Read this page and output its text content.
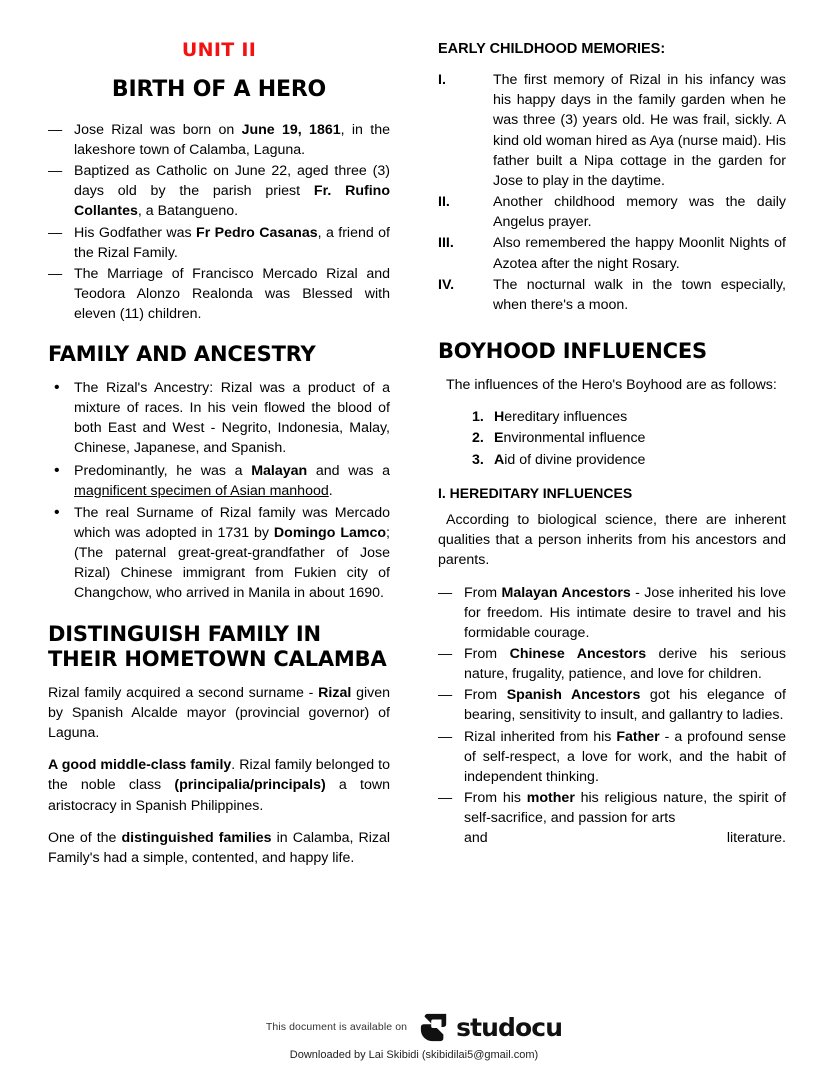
UNIT II
BIRTH OF A HERO
— Jose Rizal was born on June 19, 1861, in the lakeshore town of Calamba, Laguna.
— Baptized as Catholic on June 22, aged three (3) days old by the parish priest Fr. Rufino Collantes, a Batangueno.
— His Godfather was Fr Pedro Casanas, a friend of the Rizal Family.
— The Marriage of Francisco Mercado Rizal and Teodora Alonzo Realonda was Blessed with eleven (11) children.
FAMILY AND ANCESTRY
• The Rizal's Ancestry: Rizal was a product of a mixture of races. In his vein flowed the blood of both East and West - Negrito, Indonesia, Malay, Chinese, Japanese, and Spanish.
• Predominantly, he was a Malayan and was a magnificent specimen of Asian manhood.
• The real Surname of Rizal family was Mercado which was adopted in 1731 by Domingo Lamco; (The paternal great-great-grandfather of Jose Rizal) Chinese immigrant from Fukien city of Changchow, who arrived in Manila in about 1690.
DISTINGUISH FAMILY IN THEIR HOMETOWN CALAMBA

Rizal family acquired a second surname - Rizal given by Spanish Alcalde mayor (provincial governor) of Laguna.

A good middle-class family. Rizal family belonged to the noble class (principalia/principals) a town aristocracy in Spanish Philippines.

One of the distinguished families in Calamba, Rizal Family's had a simple, contented, and happy life.

EARLY CHILDHOOD MEMORIES:
I.	The first memory of Rizal in his infancy was his happy days in the family garden when he was three (3) years old. He was frail, sickly. A kind old woman hired as Aya (nurse maid). His father built a Nipa cottage in the garden for Jose to play in the daytime.
II.	Another childhood memory was the daily Angelus prayer.
III.	Also remembered the happy Moonlit Nights of Azotea after the night Rosary.
IV.	The nocturnal walk in the town especially, when there's a moon.
BOYHOOD INFLUENCES

The influences of the Hero's Boyhood are as follows:

1. Hereditary influences
2. Environmental influence
3. Aid of divine providence
I. HEREDITARY INFLUENCES

According to biological science, there are inherent qualities that a person inherits from his ancestors and parents.

— From Malayan Ancestors - Jose inherited his love for freedom. His intimate desire to travel and his formidable courage.
— From Chinese Ancestors derive his serious nature, frugality, patience, and love for children.
— From Spanish Ancestors got his elegance of bearing, sensitivity to insult, and gallantry to ladies.
— Rizal inherited from his Father - a profound sense of self-respect, a love for work, and the habit of independent thinking.
— From his mother his religious nature, the spirit of self-sacrifice, and passion for arts
and	literature.
This document is available on studocu
Downloaded by Lai Skibidi (skibidilai5@gmail.com)
